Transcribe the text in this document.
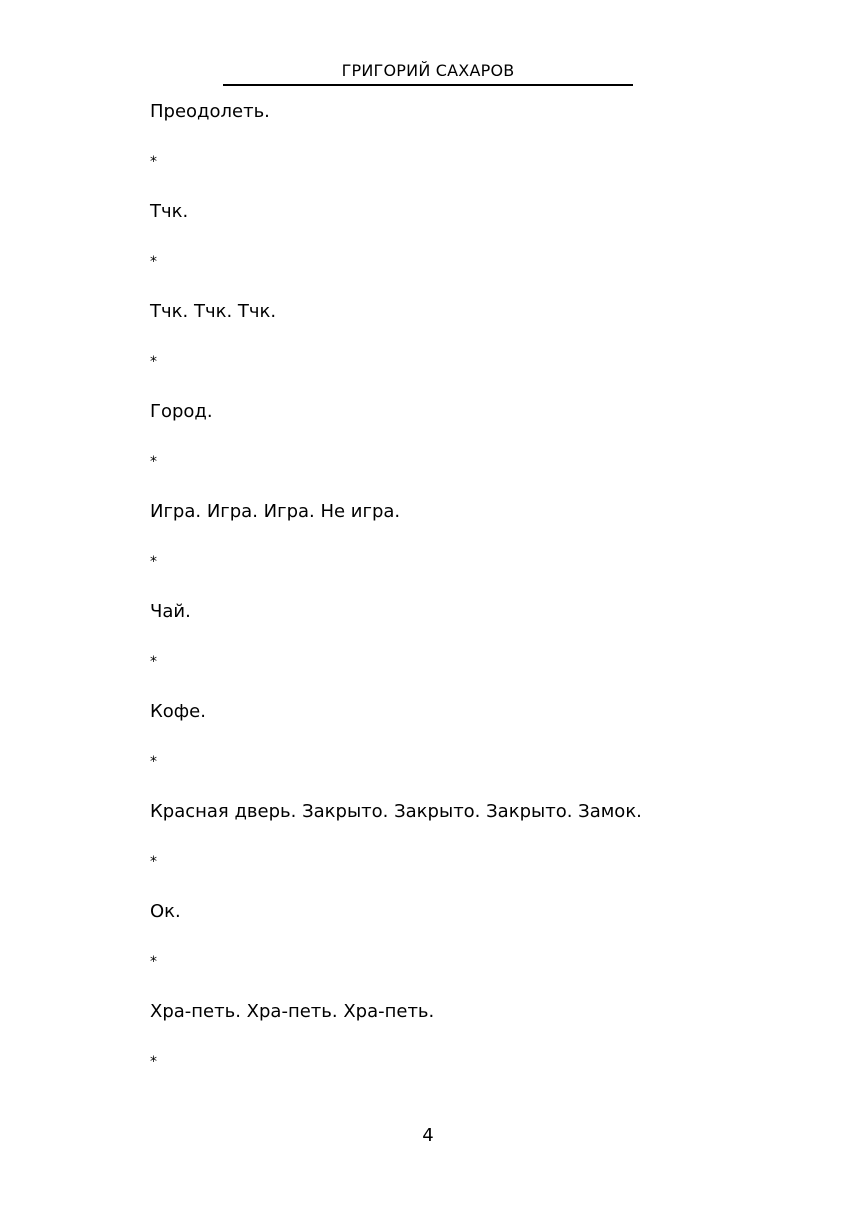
ГРИГОРИЙ САХАРОВ
Преодолеть.
*
Тчк.
*
Тчк. Тчк. Тчк.
*
Город.
*
Игра. Игра. Игра. Не игра.
*
Чай.
*
Кофе.
*
Красная дверь. Закрыто. Закрыто. Закрыто. Замок.
*
Ок.
*
Хра-петь. Хра-петь. Хра-петь.
*
4
